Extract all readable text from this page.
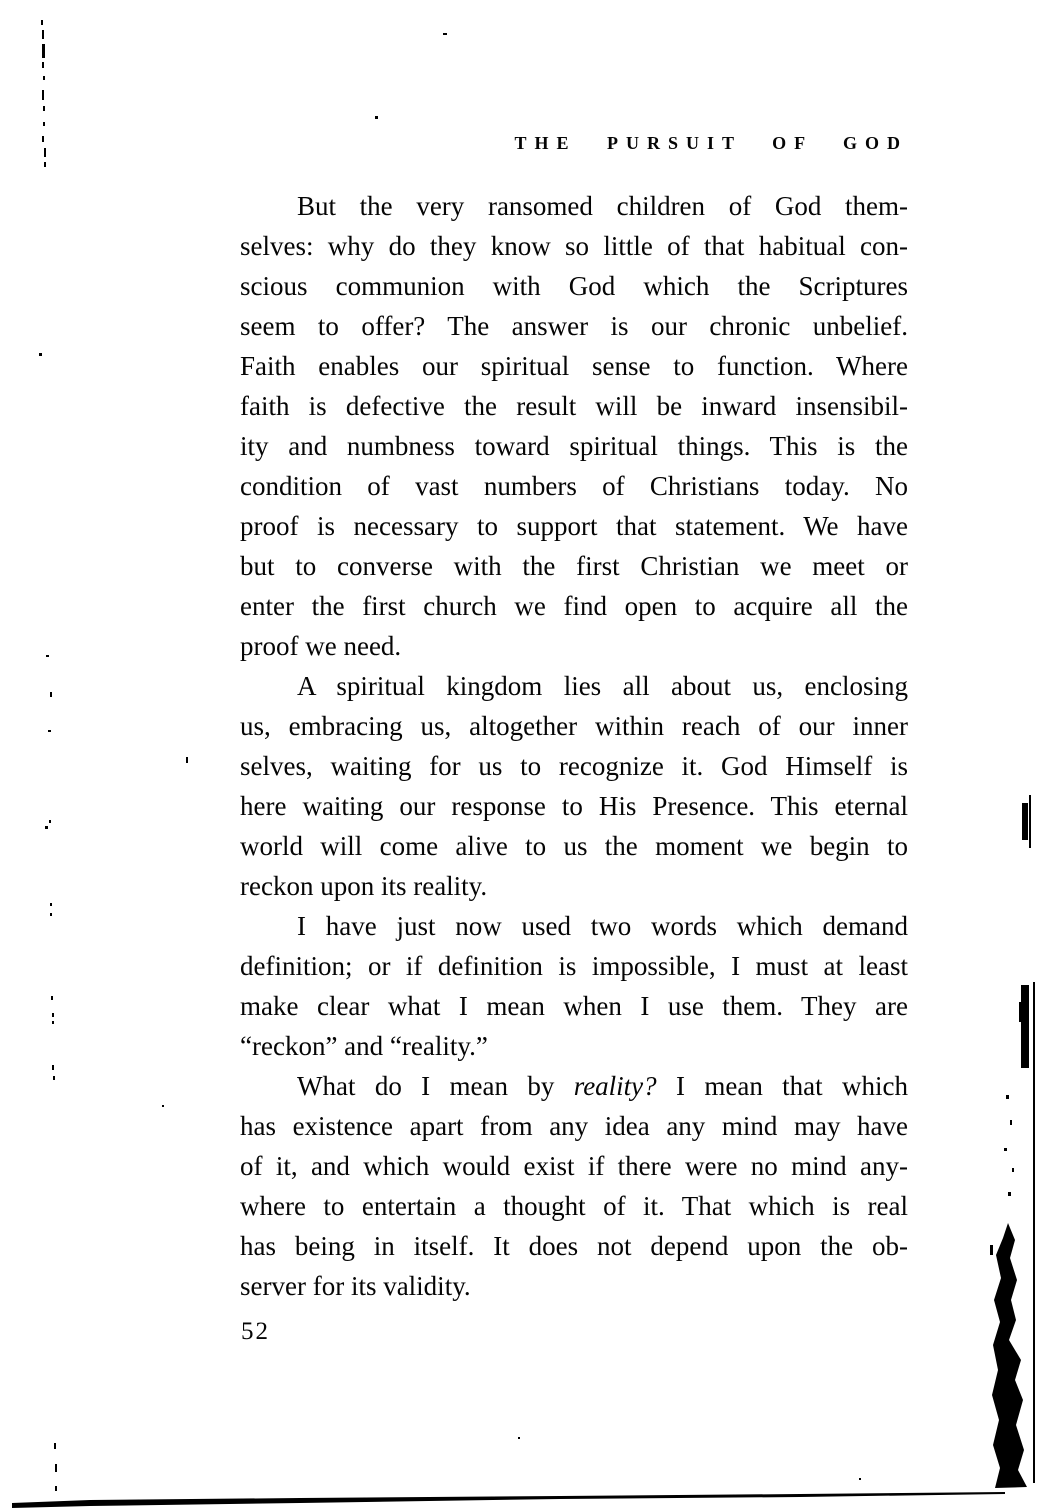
THE PURSUIT OF GOD
But the very ransomed children of God them-
selves: why do they know so little of that habitual con-
scious communion with God which the Scriptures
seem to offer? The answer is our chronic unbelief.
Faith enables our spiritual sense to function. Where
faith is defective the result will be inward insensibil-
ity and numbness toward spiritual things. This is the
condition of vast numbers of Christians today. No
proof is necessary to support that statement. We have
but to converse with the first Christian we meet or
enter the first church we find open to acquire all the
proof we need.
A spiritual kingdom lies all about us, enclosing
us, embracing us, altogether within reach of our inner
selves, waiting for us to recognize it. God Himself is
here waiting our response to His Presence. This eternal
world will come alive to us the moment we begin to
reckon upon its reality.
I have just now used two words which demand
definition; or if definition is impossible, I must at least
make clear what I mean when I use them. They are
“reckon” and “reality.”
What do I mean by reality? I mean that which
has existence apart from any idea any mind may have
of it, and which would exist if there were no mind any-
where to entertain a thought of it. That which is real
has being in itself. It does not depend upon the ob-
server for its validity.
52
